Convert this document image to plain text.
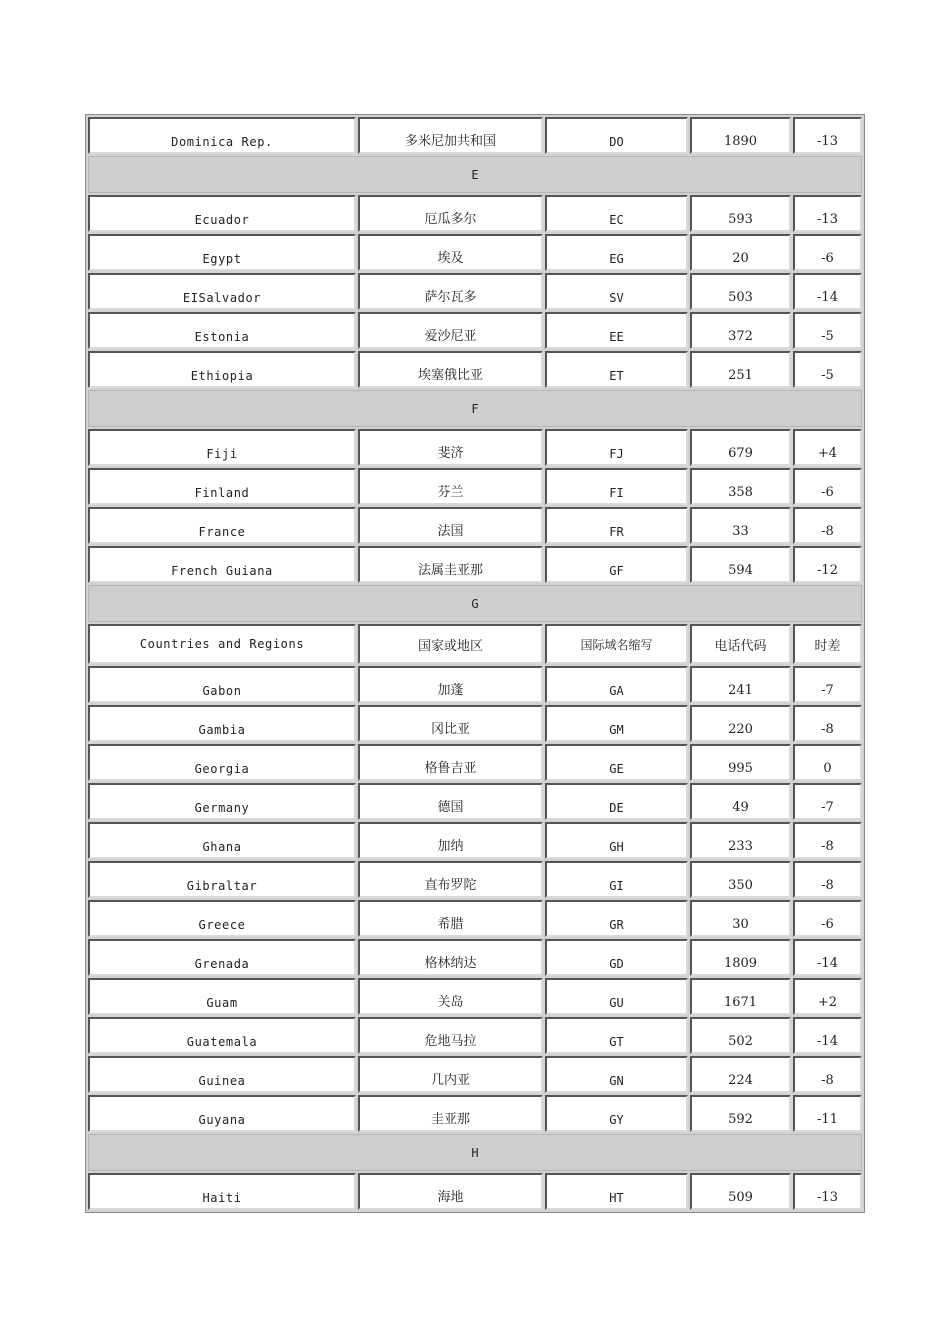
Dominica Rep.	多米尼加共和国	DO	1890	-13
E
Ecuador	厄瓜多尔	EC	593	-13
Egypt	埃及	EG	20	-6
EISalvador	萨尔瓦多	SV	503	-14
Estonia	爱沙尼亚	EE	372	-5
Ethiopia	埃塞俄比亚	ET	251	-5
F
Fiji	斐济	FJ	679	+4
Finland	芬兰	FI	358	-6
France	法国	FR	33	-8
French Guiana	法属圭亚那	GF	594	-12
G
Countries and Regions	国家或地区	国际域名缩写	电话代码	时差
Gabon	加蓬	GA	241	-7
Gambia	冈比亚	GM	220	-8
Georgia	格鲁吉亚	GE	995	0
Germany	德国	DE	49	-7
Ghana	加纳	GH	233	-8
Gibraltar	直布罗陀	GI	350	-8
Greece	希腊	GR	30	-6
Grenada	格林纳达	GD	1809	-14
Guam	关岛	GU	1671	+2
Guatemala	危地马拉	GT	502	-14
Guinea	几内亚	GN	224	-8
Guyana	圭亚那	GY	592	-11
H
Haiti	海地	HT	509	-13
